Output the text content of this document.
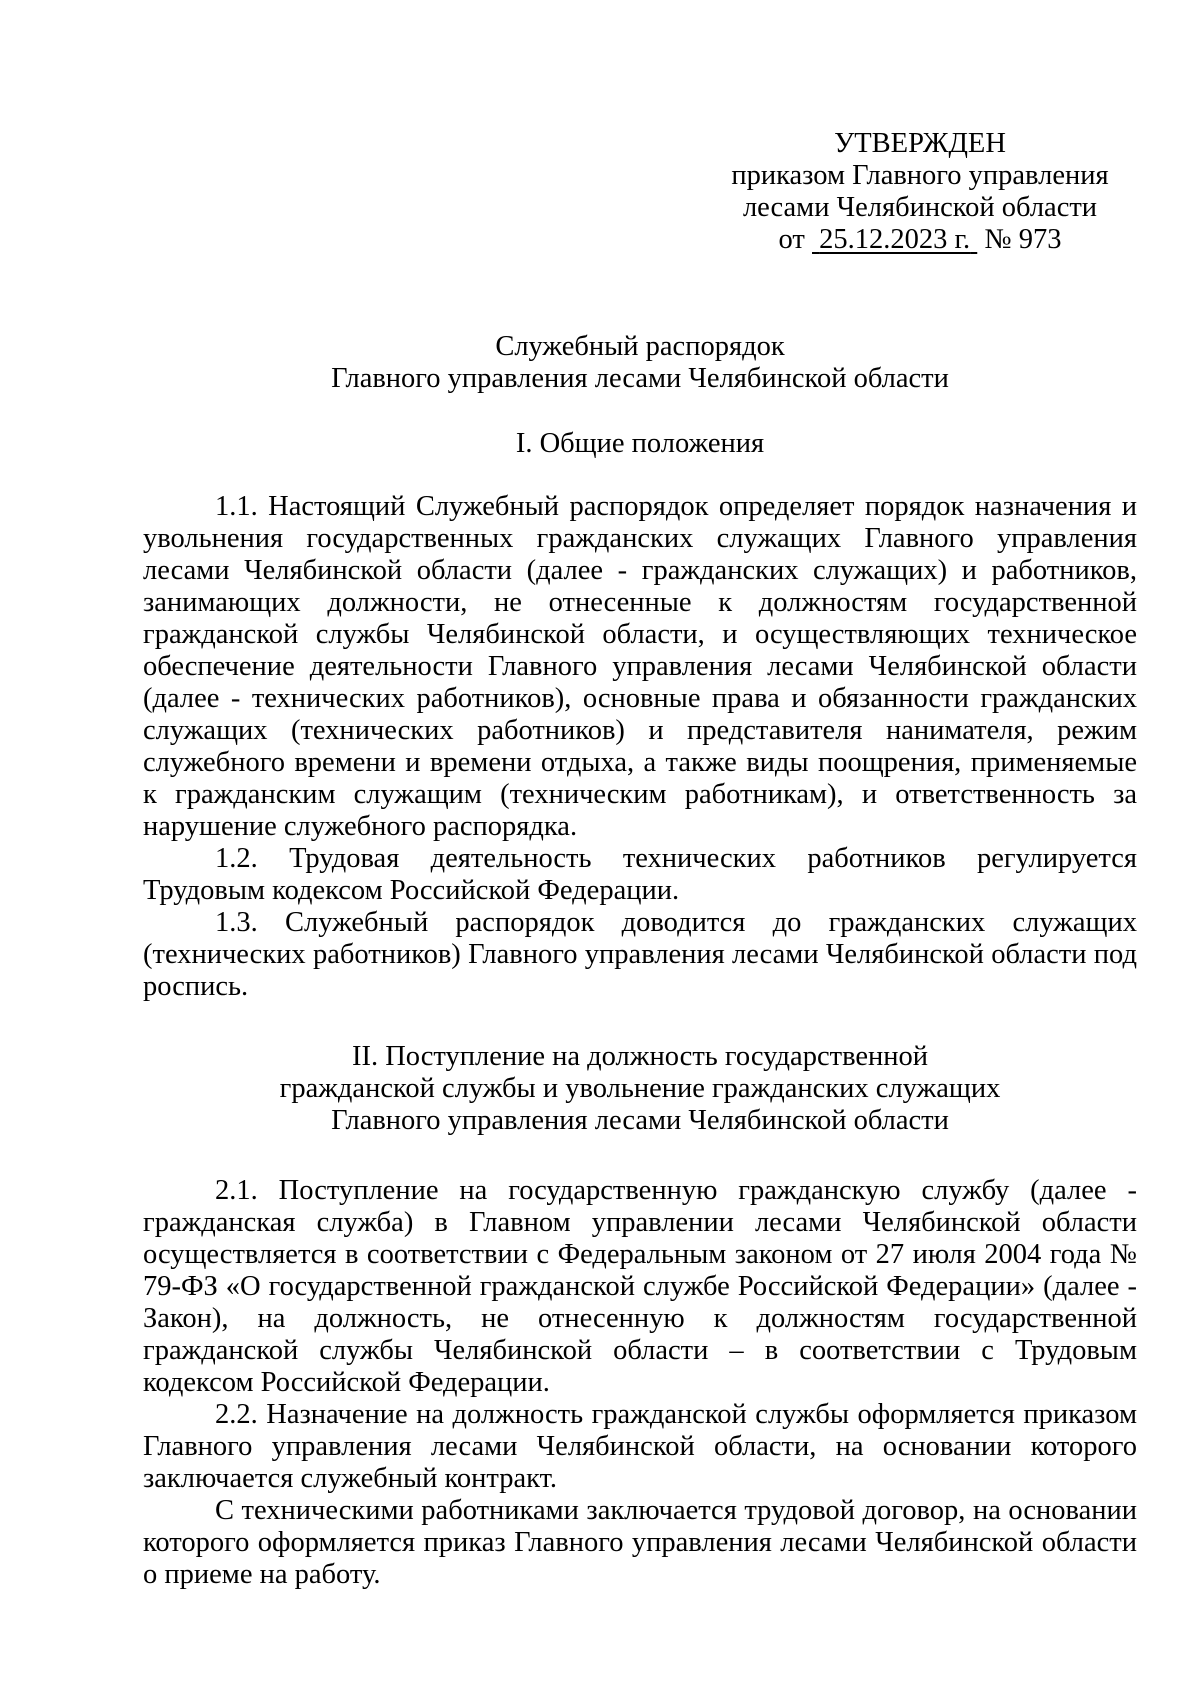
УТВЕРЖДЕН
приказом Главного управления
лесами Челябинской области
от 25.12.2023 г. № 973
Служебный распорядок
Главного управления лесами Челябинской области
I. Общие положения

1.1. Настоящий Служебный распорядок определяет порядок назначения и увольнения государственных гражданских служащих Главного управления лесами Челябинской области (далее - гражданских служащих) и работников, занимающих должности, не отнесенные к должностям государственной гражданской службы Челябинской области, и осуществляющих техническое обеспечение деятельности Главного управления лесами Челябинской области (далее - технических работников), основные права и обязанности гражданских служащих (технических работников) и представителя нанимателя, режим служебного времени и времени отдыха, а также виды поощрения, применяемые к гражданским служащим (техническим работникам), и ответственность за нарушение служебного распорядка.

1.2. Трудовая деятельность технических работников регулируется Трудовым кодексом Российской Федерации.

1.3. Служебный распорядок доводится до гражданских служащих (технических работников) Главного управления лесами Челябинской области под роспись.

II. Поступление на должность государственной
гражданской службы и увольнение гражданских служащих
Главного управления лесами Челябинской области

2.1. Поступление на государственную гражданскую службу (далее - гражданская служба) в Главном управлении лесами Челябинской области осуществляется в соответствии с Федеральным законом от 27 июля 2004 года № 79-ФЗ «О государственной гражданской службе Российской Федерации» (далее - Закон), на должность, не отнесенную к должностям государственной гражданской службы Челябинской области – в соответствии с Трудовым кодексом Российской Федерации.

2.2. Назначение на должность гражданской службы оформляется приказом Главного управления лесами Челябинской области, на основании которого заключается служебный контракт.

С техническими работниками заключается трудовой договор, на основании которого оформляется приказ Главного управления лесами Челябинской области о приеме на работу.
